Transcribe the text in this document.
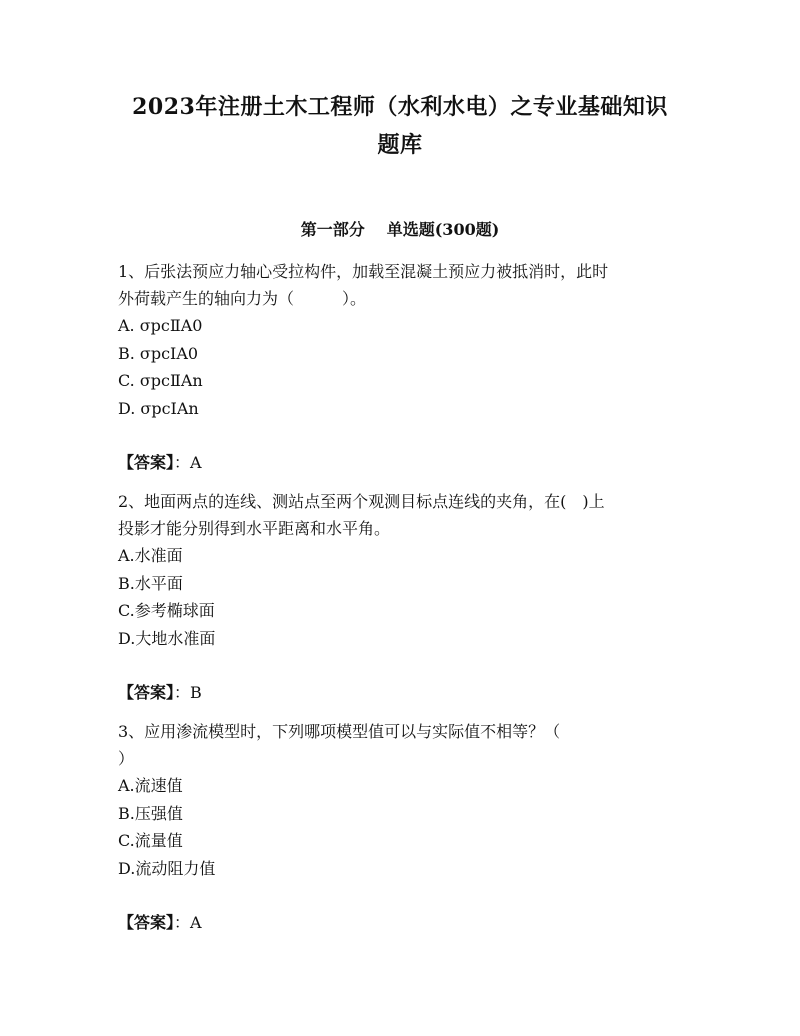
2023年注册土木工程师（水利水电）之专业基础知识
题库
第一部分 单选题(300题)
1、后张法预应力轴心受拉构件，加载至混凝土预应力被抵消时，此时
外荷载产生的轴向力为（　　　）。
A. σpcⅡA0
B. σpcⅠA0
C. σpcⅡAn
D. σpcⅠAn
【答案】：A
2、地面两点的连线、测站点至两个观测目标点连线的夹角，在(　)上
投影才能分别得到水平距离和水平角。
A.水准面
B.水平面
C.参考椭球面
D.大地水准面
【答案】：B
3、应用渗流模型时，下列哪项模型值可以与实际值不相等？（
）
A.流速值
B.压强值
C.流量值
D.流动阻力值
【答案】：A
